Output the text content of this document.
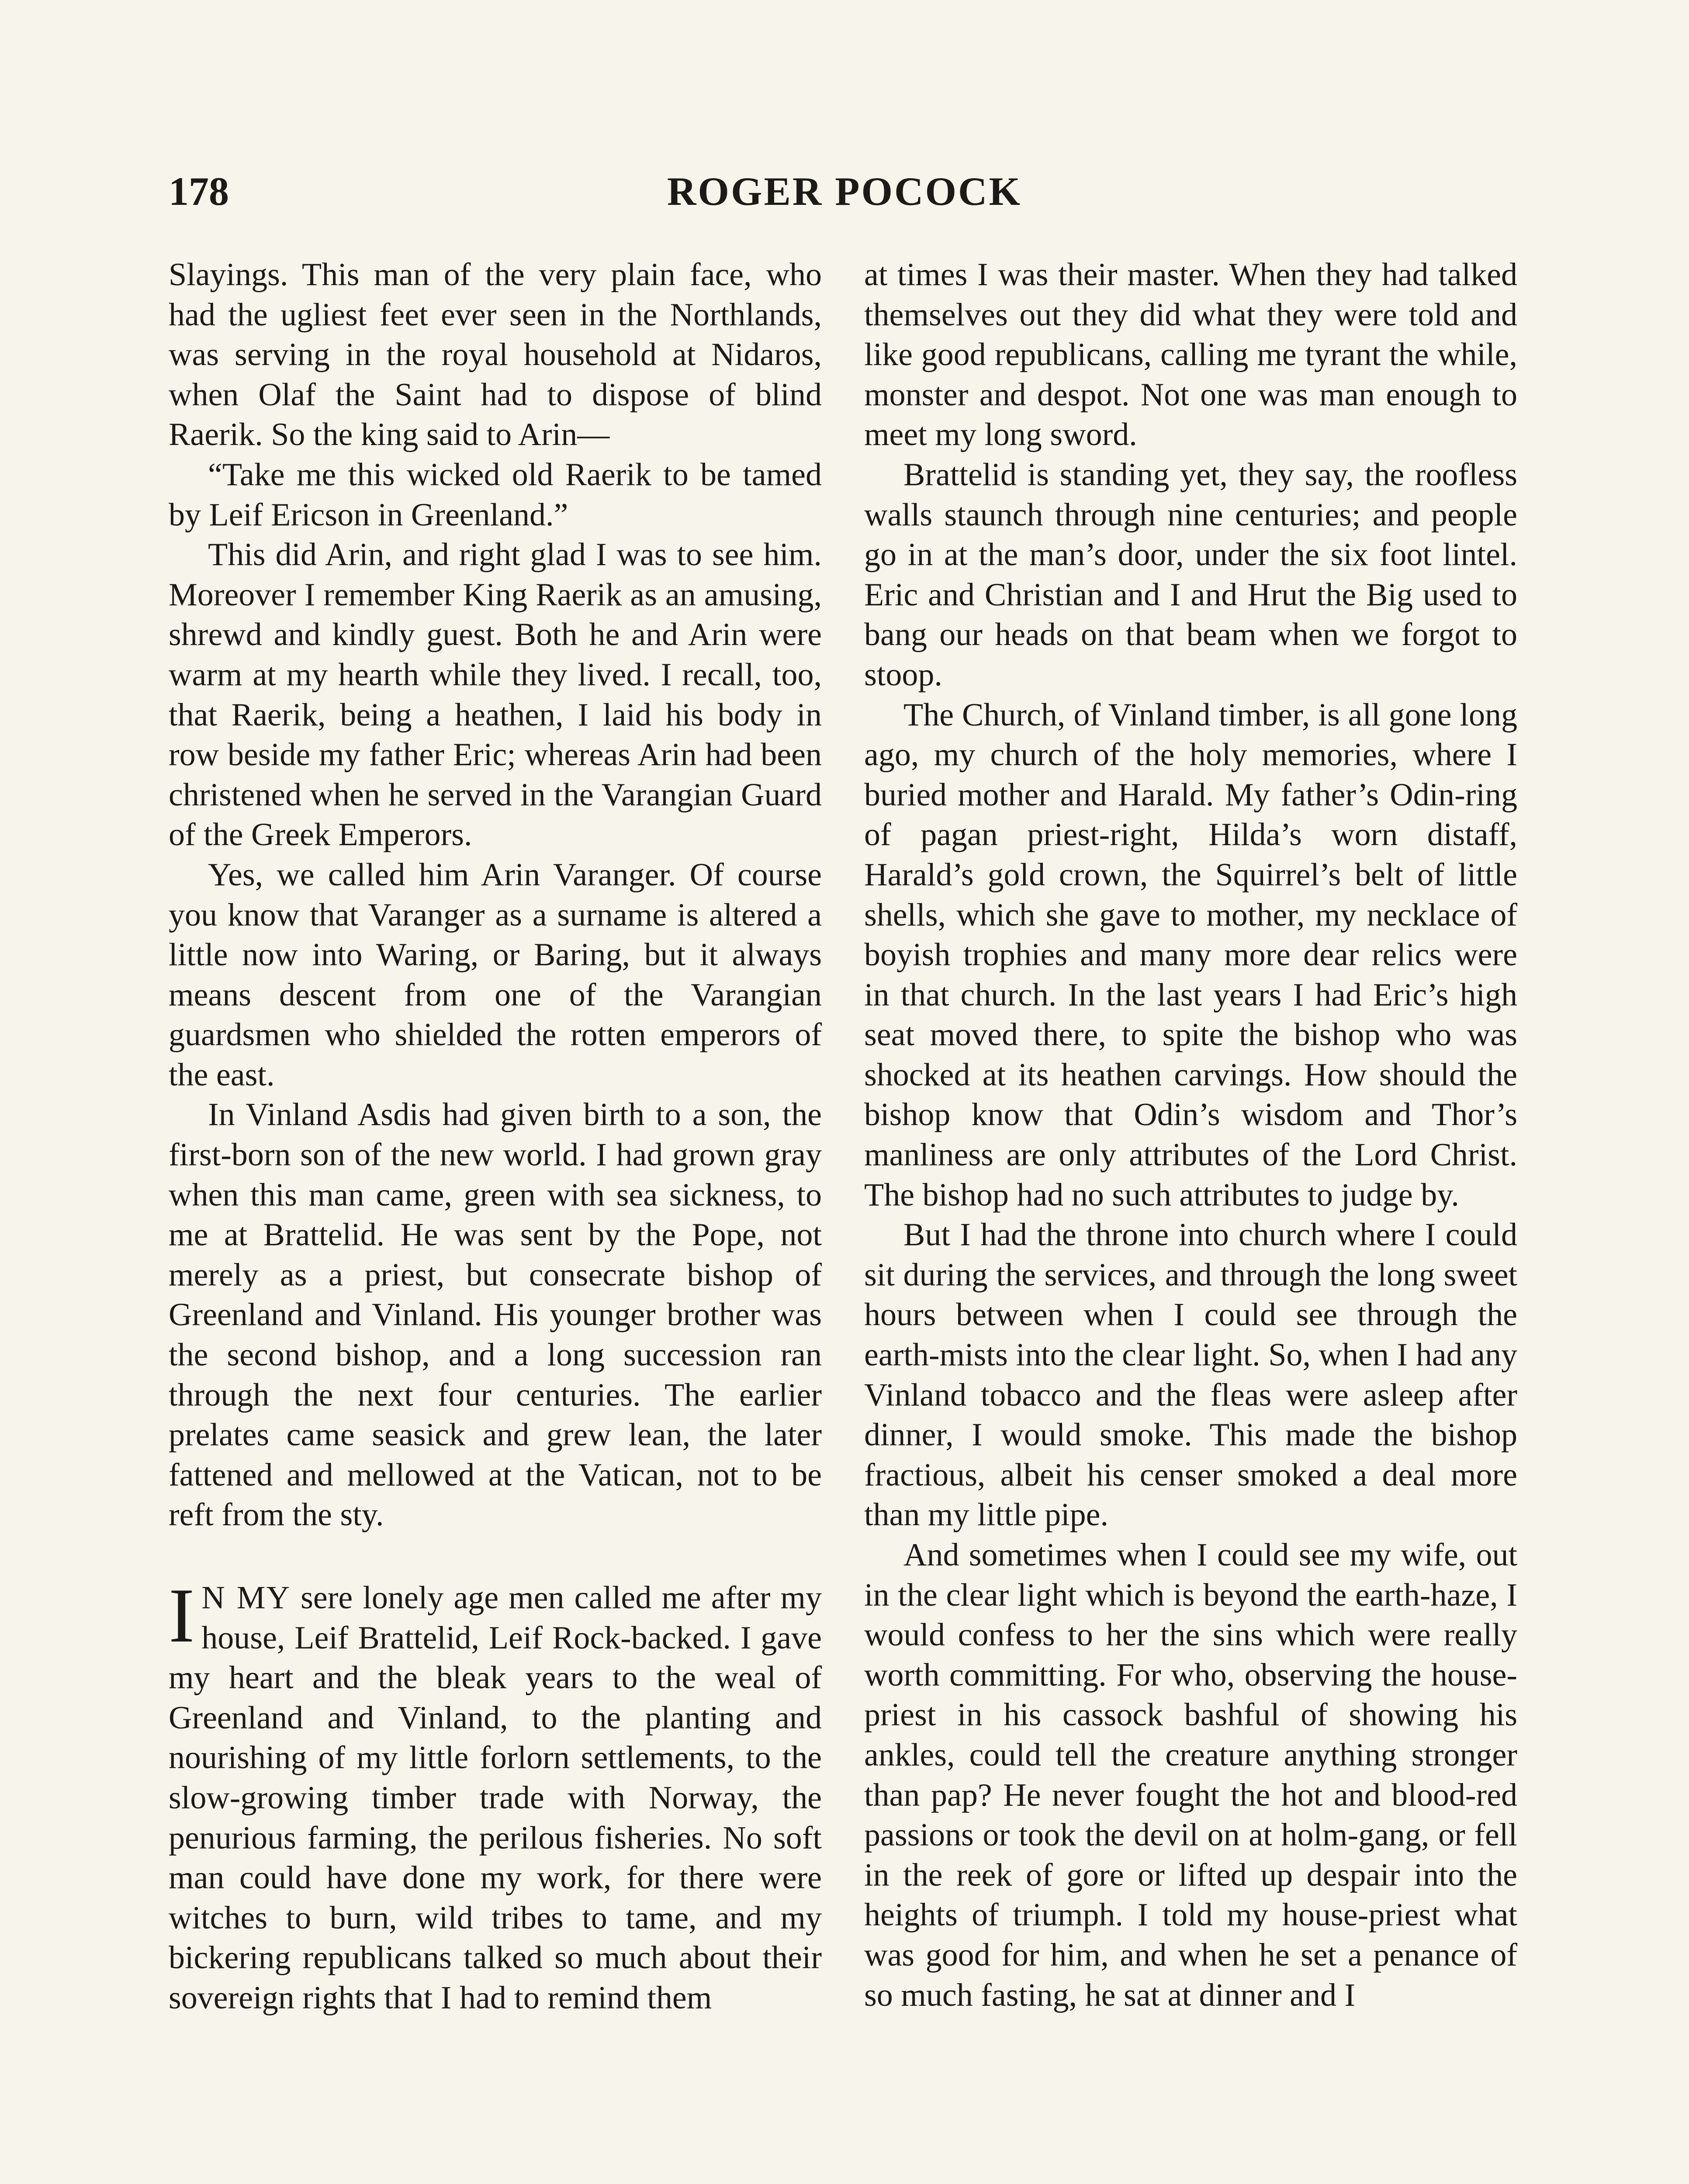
178	ROGER POCOCK

Slayings. This man of the very plain face, who had the ugliest feet ever seen in the Northlands, was serving in the royal household at Nidaros, when Olaf the Saint had to dispose of blind Raerik. So the king said to Arin—

“Take me this wicked old Raerik to be tamed by Leif Ericson in Greenland.”

This did Arin, and right glad I was to see him. Moreover I remember King Raerik as an amusing, shrewd and kindly guest. Both he and Arin were warm at my hearth while they lived. I recall, too, that Raerik, being a heathen, I laid his body in row beside my father Eric; whereas Arin had been christened when he served in the Varangian Guard of the Greek Emperors.

Yes, we called him Arin Varanger. Of course you know that Varanger as a surname is altered a little now into Waring, or Baring, but it always means descent from one of the Varangian guardsmen who shielded the rotten emperors of the east.

In Vinland Asdis had given birth to a son, the first-born son of the new world. I had grown gray when this man came, green with sea sickness, to me at Brattelid. He was sent by the Pope, not merely as a priest, but consecrate bishop of Greenland and Vinland. His younger brother was the second bishop, and a long succession ran through the next four centuries. The earlier prelates came seasick and grew lean, the later fattened and mellowed at the Vatican, not to be reft from the sty.

I N MY sere lonely age men called me after my house, Leif Brattelid, Leif Rock-backed. I gave my heart and the bleak years to the weal of Greenland and Vinland, to the planting and nourishing of my little forlorn settlements, to the slow-growing timber trade with Norway, the penurious farming, the perilous fisheries. No soft man could have done my work, for there were witches to burn, wild tribes to tame, and my bickering republicans talked so much about their sovereign rights that I had to remind them

at times I was their master. When they had talked themselves out they did what they were told and like good republicans, calling me tyrant the while, monster and despot. Not one was man enough to meet my long sword.

Brattelid is standing yet, they say, the roofless walls staunch through nine centuries; and people go in at the man’s door, under the six foot lintel. Eric and Christian and I and Hrut the Big used to bang our heads on that beam when we forgot to stoop.

The Church, of Vinland timber, is all gone long ago, my church of the holy memories, where I buried mother and Harald. My father’s Odin-ring of pagan priest-right, Hilda’s worn distaff, Harald’s gold crown, the Squirrel’s belt of little shells, which she gave to mother, my necklace of boyish trophies and many more dear relics were in that church. In the last years I had Eric’s high seat moved there, to spite the bishop who was shocked at its heathen carvings. How should the bishop know that Odin’s wisdom and Thor’s manliness are only attributes of the Lord Christ. The bishop had no such attributes to judge by.

But I had the throne into church where I could sit during the services, and through the long sweet hours between when I could see through the earth-mists into the clear light. So, when I had any Vinland tobacco and the fleas were asleep after dinner, I would smoke. This made the bishop fractious, albeit his censer smoked a deal more than my little pipe.

And sometimes when I could see my wife, out in the clear light which is beyond the earth-haze, I would confess to her the sins which were really worth committing. For who, observing the house-priest in his cassock bashful of showing his ankles, could tell the creature anything stronger than pap? He never fought the hot and blood-red passions or took the devil on at holm-gang, or fell in the reek of gore or lifted up despair into the heights of triumph. I told my house-priest what was good for him, and when he set a penance of so much fasting, he sat at dinner and I
